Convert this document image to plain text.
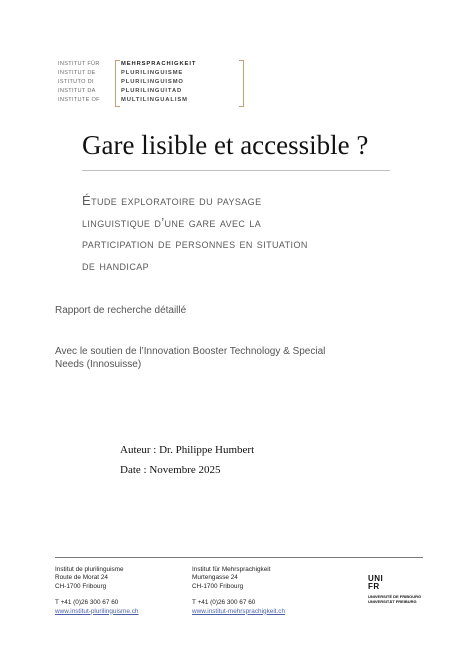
INSTITUT FÜR
INSTITUT DE
ISTITUTO DI
INSTITUT DA
INSTITUTE OF
MEHRSPRACHIGKEIT
PLURILINGUISME
PLURILINGUISMO
PLURILINGUITAD
MULTILINGUALISM
Gare lisible et accessible ?
Étude exploratoire du paysage
linguistique d’une gare avec la
participation de personnes en situation
de handicap
Rapport de recherche détaillé
Avec le soutien de l’Innovation Booster Technology & Special
Needs (Innosuisse)
Auteur : Dr. Philippe Humbert
Date : Novembre 2025
Institut de plurilinguisme
Route de Morat 24
CH-1700 Fribourg
T +41 (0)26 300 67 60
www.institut-plurilinguisme.ch
Institut für Mehrsprachigkeit
Murtengasse 24
CH-1700 Fribourg
T +41 (0)26 300 67 60
www.institut-mehrsprachigkeit.ch
UNI
FR
UNIVERSITÉ DE FRIBOURG
UNIVERSITÄT FREIBURG
